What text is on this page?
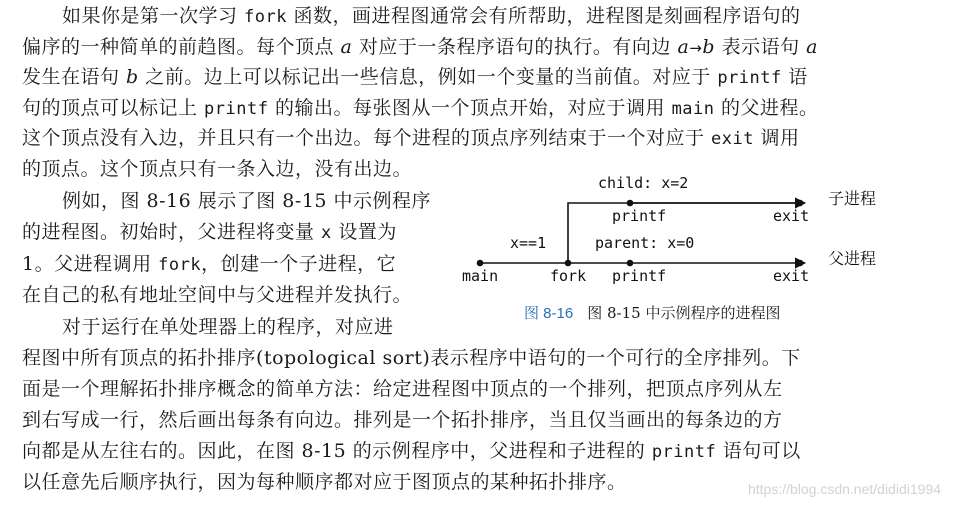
如果你是第一次学习 fork 函数，画进程图通常会有所帮助，进程图是刻画程序语句的
偏序的一种简单的前趋图。每个顶点 a 对应于一条程序语句的执行。有向边 a→b 表示语句 a
发生在语句 b 之前。边上可以标记出一些信息，例如一个变量的当前值。对应于 printf 语
句的顶点可以标记上 printf 的输出。每张图从一个顶点开始，对应于调用 main 的父进程。
这个顶点没有入边，并且只有一个出边。每个进程的顶点序列结束于一个对应于 exit 调用
的顶点。这个顶点只有一条入边，没有出边。
例如，图 8-16 展示了图 8-15 中示例程序
的进程图。初始时，父进程将变量 x 设置为
1。父进程调用 fork，创建一个子进程，它
在自己的私有地址空间中与父进程并发执行。
对于运行在单处理器上的程序，对应进
程图中所有顶点的拓扑排序(topological sort)表示程序中语句的一个可行的全序排列。下
面是一个理解拓扑排序概念的简单方法：给定进程图中顶点的一个排列，把顶点序列从左
到右写成一行，然后画出每条有向边。排列是一个拓扑排序，当且仅当画出的每条边的方
向都是从左往右的。因此，在图 8-15 的示例程序中，父进程和子进程的 printf 语句可以
以任意先后顺序执行，因为每种顺序都对应于图顶点的某种拓扑排序。
child: x=2
printf	exit
子进程
x==1	parent: x=0
main	fork printf	exit
父进程
图 8-16 图 8-15 中示例程序的进程图
https://blog.csdn.net/dididi1994
